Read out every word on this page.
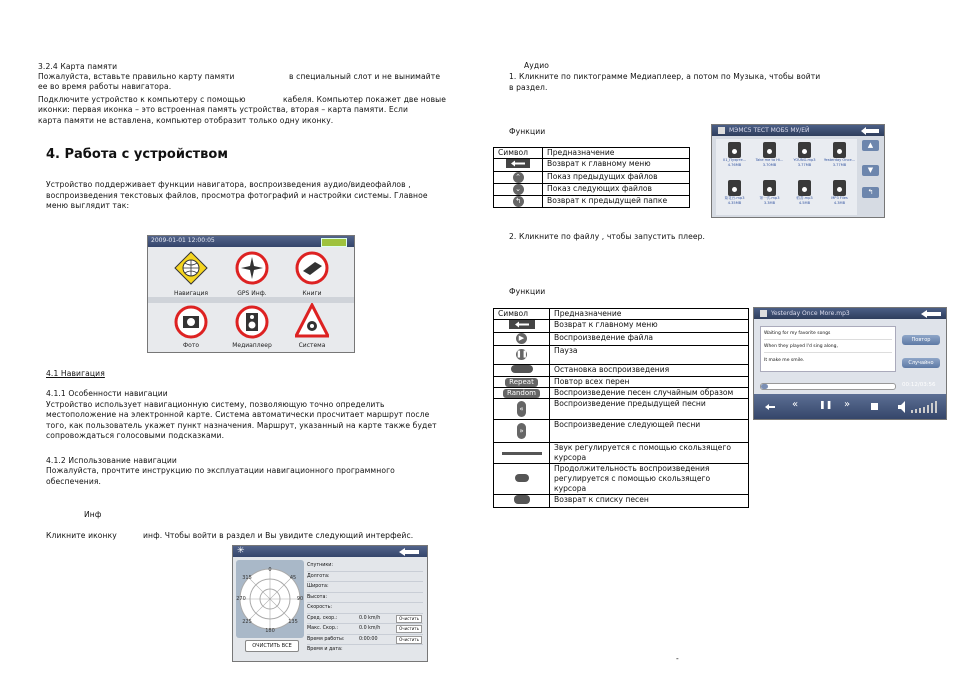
3.2.4 Карта памяти
Пожалуйста, вставьте правильно карту памяти	в специальный слот и не вынимайте
ее во время работы навигатора.
Подключите устройство к компьютеру с помощью	кабеля. Компьютер покажет две новые
иконки: первая иконка – это встроенная память устройства, вторая – карта памяти. Если
карта памяти не вставлена, компьютер отобразит только одну иконку.
4. Работа с устройством
Устройство поддерживает функции навигатора, воспроизведения аудио/видеофайлов ,
воспроизведения текстовых файлов, просмотра фотографий и настройки системы. Главное
меню выглядит так:
2009-01-01 12:00:05
Навигация	GPS Инф.	Книги
Фото	Медиаплеер	Система
4.1 Навигация
4.1.1 Особенности навигации
Устройство использует навигационную систему, позволяющую точно определить
местоположение на электронной карте. Система автоматически просчитает маршрут после
того, как пользователь укажет пункт назначения. Маршрут, указанный на карте также будет
сопровождаться голосовыми подсказками.
4.1.2 Использование навигации
Пожалуйста, прочтите инструкцию по эксплуатации навигационного программного
обеспечения.
Инф
Кликните иконку	инф. Чтобы войти в раздел и Вы увидите следующий интерфейс.
✳
0
45
90
135
180
225
270
315
ОЧИСТИТЬ ВСЕ
Спутники:
Долгота:
Широта:
Высота:
Скорость:
Сред. скор.:	0.0 km/h	Очистить
Макс. Скор.:	0.0 km/h	Очистить
Время работы:	0:00:00	Очистить
Время и дата:
Аудио
1. Кликните по пиктограмме Медиаплеер, а потом по Музыка, чтобы войти
в раздел.
Функции
Символ	Предназначение
	Возврат к главному меню
⌃	Показ предыдущих файлов
⌄	Показ следующих файлов
↰	Возврат к предыдущей папке
МЭМС5 ТЕСТ МОБ5 МУ/ЕЙ
01_Пуэрте...
4.76MB
Take me to Hi...
3.70MB
YOUNG.mp3
3.77MB
Yesterday Once...
3.77MB
菊花台.mp3
4.35MB
第一次.mp3
3.3MB
稻香.mp3
4.5MB
MP3 Files
4.3MB
▲
▼
↰
2. Кликните по файлу , чтобы запустить плеер.
Функции
Символ	Предназначение
	Возврат к главному меню
▶	Воспроизведение файла
❚❚	Пауза
	Остановка воспроизведения
Repeat	Повтор всех перен
Random	Воспроизведение песен случайным образом
«	Воспроизведение предыдущей песни
»	Воспроизведение следующей песни
	Звук регулируется с помощью скользящего курсора
	Продолжительность воспроизведения регулируется с помощью скользящего курсора
	Возврат к списку песен
Yesterday Once More.mp3
Waiting for my favorite songs
When they played I'd sing along,
It make me smile.
Повтор
Случайно
00:12/03:56
«	❚❚ »
-
